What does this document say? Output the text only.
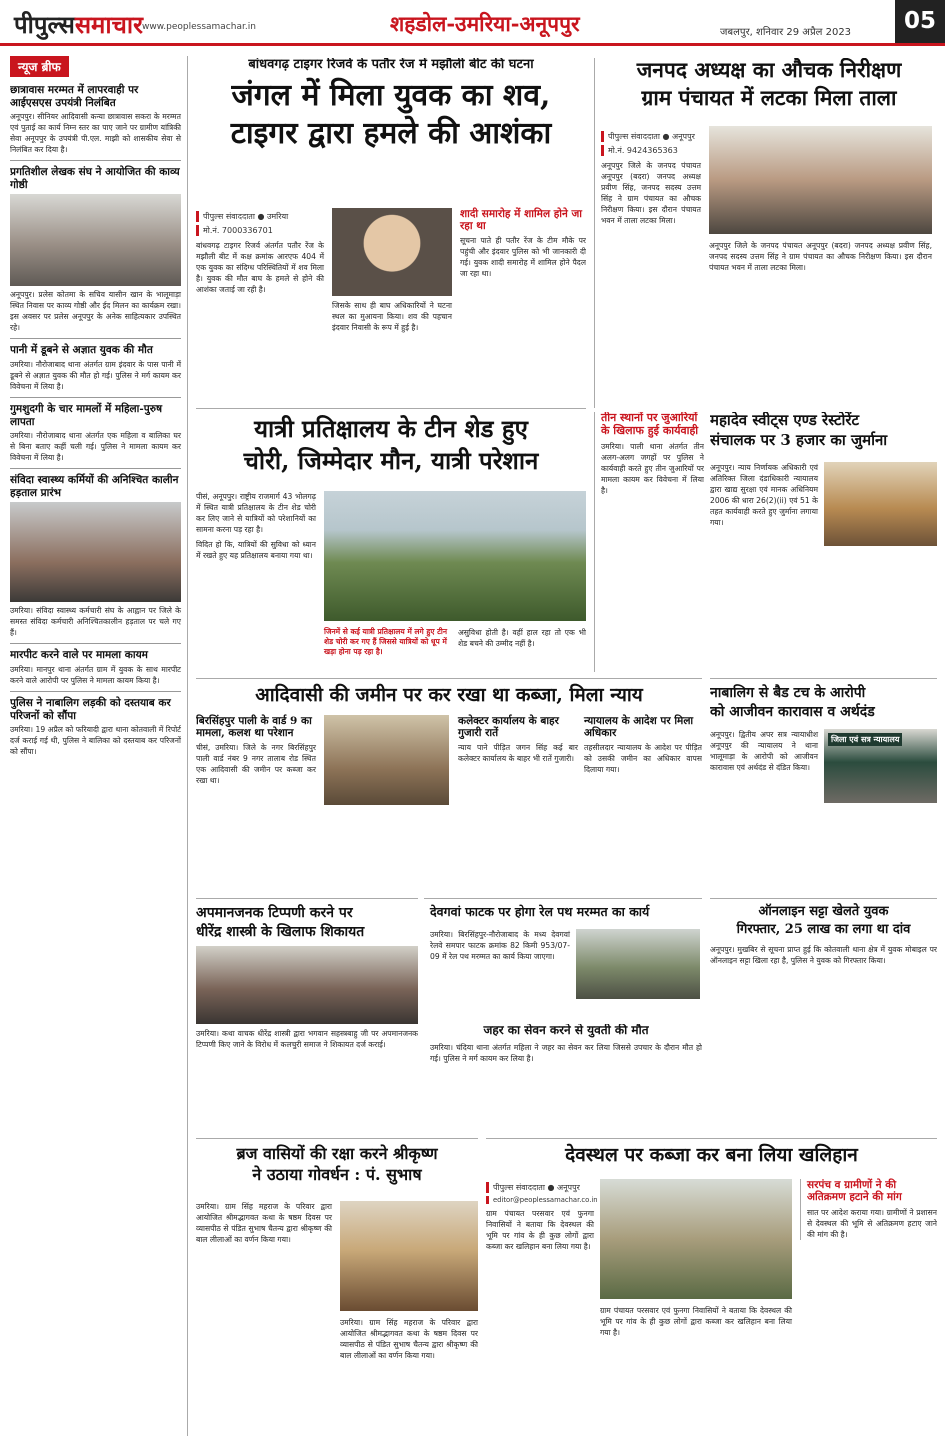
पीपुल्ससमाचार www.peoplessamachar.in	शहडोल-उमरिया-अनूपपुर	जबलपुर, शनिवार 29 अप्रैल 2023	05
न्यूज ब्रीफ
छात्रावास मरम्मत में लापरवाही पर आईएसएस उपयंत्री निलंबित
अनूपपुर। सीनियर आदिवासी कन्या छात्रावास सकरा के मरम्मत एवं पुताई का कार्य निम्न स्तर का पाए जाने पर ग्रामीण यांत्रिकी सेवा अनूपपुर के उपयंत्री पी.एल. माझी को शासकीय सेवा से निलंबित कर दिया है।
प्रगतिशील लेखक संघ ने आयोजित की काव्य गोष्ठी
अनूपपुर। प्रलेस कोतमा के सचिव यासीन खान के भालूमाड़ा स्थित निवास पर काव्य गोष्ठी और ईद मिलन का कार्यक्रम रखा। इस अवसर पर प्रलेस अनूपपुर के अनेक साहित्यकार उपस्थित रहे।
पानी में डूबने से अज्ञात युवक की मौत
उमरिया। नौरोजाबाद थाना अंतर्गत ग्राम इंदवार के पास पानी में डूबने से अज्ञात युवक की मौत हो गई। पुलिस ने मर्ग कायम कर विवेचना में लिया है।
गुमशुदगी के चार मामलों में महिला-पुरुष लापता
उमरिया। नौरोजाबाद थाना अंतर्गत एक महिला व बालिका घर से बिना बताए कहीं चली गई। पुलिस ने मामला कायम कर विवेचना में लिया है।
संविदा स्वास्थ्य कर्मियों की अनिश्चित कालीन हड़ताल प्रारंभ
उमरिया। संविदा स्वास्थ्य कर्मचारी संघ के आह्वान पर जिले के समस्त संविदा कर्मचारी अनिश्चितकालीन हड़ताल पर चले गए हैं।
मारपीट करने वाले पर मामला कायम
उमरिया। मानपुर थाना अंतर्गत ग्राम में युवक के साथ मारपीट करने वाले आरोपी पर पुलिस ने मामला कायम किया है।
पुलिस ने नाबालिग लड़की को दस्तयाब कर परिजनों को सौंपा
उमरिया। 19 अप्रैल को फरियादी द्वारा थाना कोतवाली में रिपोर्ट दर्ज कराई गई थी, पुलिस ने बालिका को दस्तयाब कर परिजनों को सौंपा।
बांधवगढ़ टाइगर रिजर्व के पतौर रेंज में मझौली बीट की घटना
जंगल में मिला युवक का शव,
टाइगर द्वारा हमले की आशंका
पीपुल्स संवाददाता ● उमरिया
मो.नं. 7000336701
बांधवगढ़ टाइगर रिजर्व अंतर्गत पतौर रेंज के मझौली बीट में कक्ष क्रमांक आरएफ 404 में एक युवक का संदिग्ध परिस्थितियों में शव मिला है। युवक की मौत बाघ के हमले से होने की आशंका जताई जा रही है।
जिसके साथ ही बाघ अधिकारियों ने घटना स्थल का मुआयना किया। शव की पहचान इंदवार निवासी के रूप में हुई है।
शादी समारोह में शामिल होने जा रहा था
सूचना पाते ही पतौर रेंज के टीम मौके पर पहुंची और इंदवार पुलिस को भी जानकारी दी गई। युवक शादी समारोह में शामिल होने पैदल जा रहा था।
जनपद अध्यक्ष का औचक निरीक्षण
ग्राम पंचायत में लटका मिला ताला
पीपुल्स संवाददाता ● अनूपपुर
मो.नं. 9424365363
अनूपपुर जिले के जनपद पंचायत अनूपपुर (बदरा) जनपद अध्यक्ष प्रवीण सिंह, जनपद सदस्य उत्तम सिंह ने ग्राम पंचायत का औचक निरीक्षण किया। इस दौरान पंचायत भवन में ताला लटका मिला।
अनूपपुर जिले के जनपद पंचायत अनूपपुर (बदरा) जनपद अध्यक्ष प्रवीण सिंह, जनपद सदस्य उत्तम सिंह ने ग्राम पंचायत का औचक निरीक्षण किया। इस दौरान पंचायत भवन में ताला लटका मिला।
यात्री प्रतिक्षालय के टीन शेड हुए
चोरी, जिम्मेदार मौन, यात्री परेशान
पीसं, अनूपपुर। राष्ट्रीय राजमार्ग 43 भोलगढ़ में स्थित यात्री प्रतिक्षालय के टीन शेड चोरी कर लिए जाने से यात्रियों को परेशानियों का सामना करना पड़ रहा है।
विदित हो कि, यात्रियों की सुविधा को ध्यान में रखते हुए यह प्रतिक्षालय बनाया गया था।
जिनमें से कई यात्री प्रतिक्षालय में लगे हुए टीन शेड चोरी कर गए हैं जिससे यात्रियों को धूप में खड़ा होना पड़ रहा है।
असुविधा होती है। वहीं हाल रहा तो एक भी शेड बचने की उम्मीद नहीं है।
तीन स्थानों पर जुआरियों के खिलाफ हुई कार्यवाही
उमरिया। पाली थाना अंतर्गत तीन अलग-अलग जगहों पर पुलिस ने कार्यवाही करते हुए तीन जुआरियों पर मामला कायम कर विवेचना में लिया है।
महादेव स्वीट्स एण्ड रेस्टोरेंट
संचालक पर 3 हजार का जुर्माना
अनूपपुर। न्याय निर्णायक अधिकारी एवं अतिरिक्त जिला दंडाधिकारी न्यायालय द्वारा खाद्य सुरक्षा एवं मानक अधिनियम 2006 की धारा 26(2)(ii) एवं 51 के तहत कार्यवाही करते हुए जुर्माना लगाया गया।
आदिवासी की जमीन पर कर रखा था कब्जा, मिला न्याय
बिरसिंहपुर पाली के वार्ड 9 का मामला, कलश था परेशान
चीसं, उमरिया। जिले के नगर बिरसिंहपुर पाली वार्ड नंबर 9 नगर तालाब रोड स्थित एक आदिवासी की जमीन पर कब्जा कर रखा था।
कलेक्टर कार्यालय के बाहर गुजारी रातें
न्याय पाने पीड़ित जगन सिंह कई बार कलेक्टर कार्यालय के बाहर भी रातें गुजारी।
न्यायालय के आदेश पर मिला अधिकार
तहसीलदार न्यायालय के आदेश पर पीड़ित को उसकी जमीन का अधिकार वापस दिलाया गया।
नाबालिग से बैड टच के आरोपी
को आजीवन कारावास व अर्थदंड
अनूपपुर। द्वितीय अपर सत्र न्यायाधीश अनूपपुर की न्यायालय ने थाना भालूमाड़ा के आरोपी को आजीवन कारावास एवं अर्थदंड से दंडित किया।
जिला एवं सत्र न्यायालय
अपमानजनक टिप्पणी करने पर
धीरेंद्र शास्त्री के खिलाफ शिकायत
उमरिया। कथा वाचक धीरेंद्र शास्त्री द्वारा भगवान सहस्त्रबाहु जी पर अपमानजनक टिप्पणी किए जाने के विरोध में कलचुरी समाज ने शिकायत दर्ज कराई।
देवगवां फाटक पर होगा रेल पथ मरम्मत का कार्य
उमरिया। बिरसिंहपुर-नौरोजाबाद के मध्य देवगवां रेलवे समपार फाटक क्रमांक 82 किमी 953/07-09 में रेल पथ मरम्मत का कार्य किया जाएगा।
जहर का सेवन करने से युवती की मौत
उमरिया। चंदिया थाना अंतर्गत महिला ने जहर का सेवन कर लिया जिससे उपचार के दौरान मौत हो गई। पुलिस ने मर्ग कायम कर लिया है।
ऑनलाइन सट्टा खेलते युवक
गिरफ्तार, 25 लाख का लगा था दांव
अनूपपुर। मुखबिर से सूचना प्राप्त हुई कि कोतवाली थाना क्षेत्र में युवक मोबाइल पर ऑनलाइन सट्टा खिला रहा है, पुलिस ने युवक को गिरफ्तार किया।
ब्रज वासियों की रक्षा करने श्रीकृष्ण
ने उठाया गोवर्धन : पं. सुभाष
उमरिया। ग्राम सिंह महराज के परिवार द्वारा आयोजित श्रीमद्भागवत कथा के षष्ठम दिवस पर व्यासपीठ से पंडित सुभाष चैतन्य द्वारा श्रीकृष्ण की बाल लीलाओं का वर्णन किया गया।
उमरिया। ग्राम सिंह महराज के परिवार द्वारा आयोजित श्रीमद्भागवत कथा के षष्ठम दिवस पर व्यासपीठ से पंडित सुभाष चैतन्य द्वारा श्रीकृष्ण की बाल लीलाओं का वर्णन किया गया।
देवस्थल पर कब्जा कर बना लिया खलिहान
पीपुल्स संवाददाता ● अनूपपुर
editor@peoplessamachar.co.in
ग्राम पंचायत परसवार एवं फुनगा निवासियों ने बताया कि देवस्थल की भूमि पर गांव के ही कुछ लोगों द्वारा कब्जा कर खलिहान बना लिया गया है।
ग्राम पंचायत परसवार एवं फुनगा निवासियों ने बताया कि देवस्थल की भूमि पर गांव के ही कुछ लोगों द्वारा कब्जा कर खलिहान बना लिया गया है।
सरपंच व ग्रामीणों ने की
अतिक्रमण हटाने की मांग
सात पर आदेश कराया गया। ग्रामीणों ने प्रशासन से देवस्थल की भूमि से अतिक्रमण हटाए जाने की मांग की है।
